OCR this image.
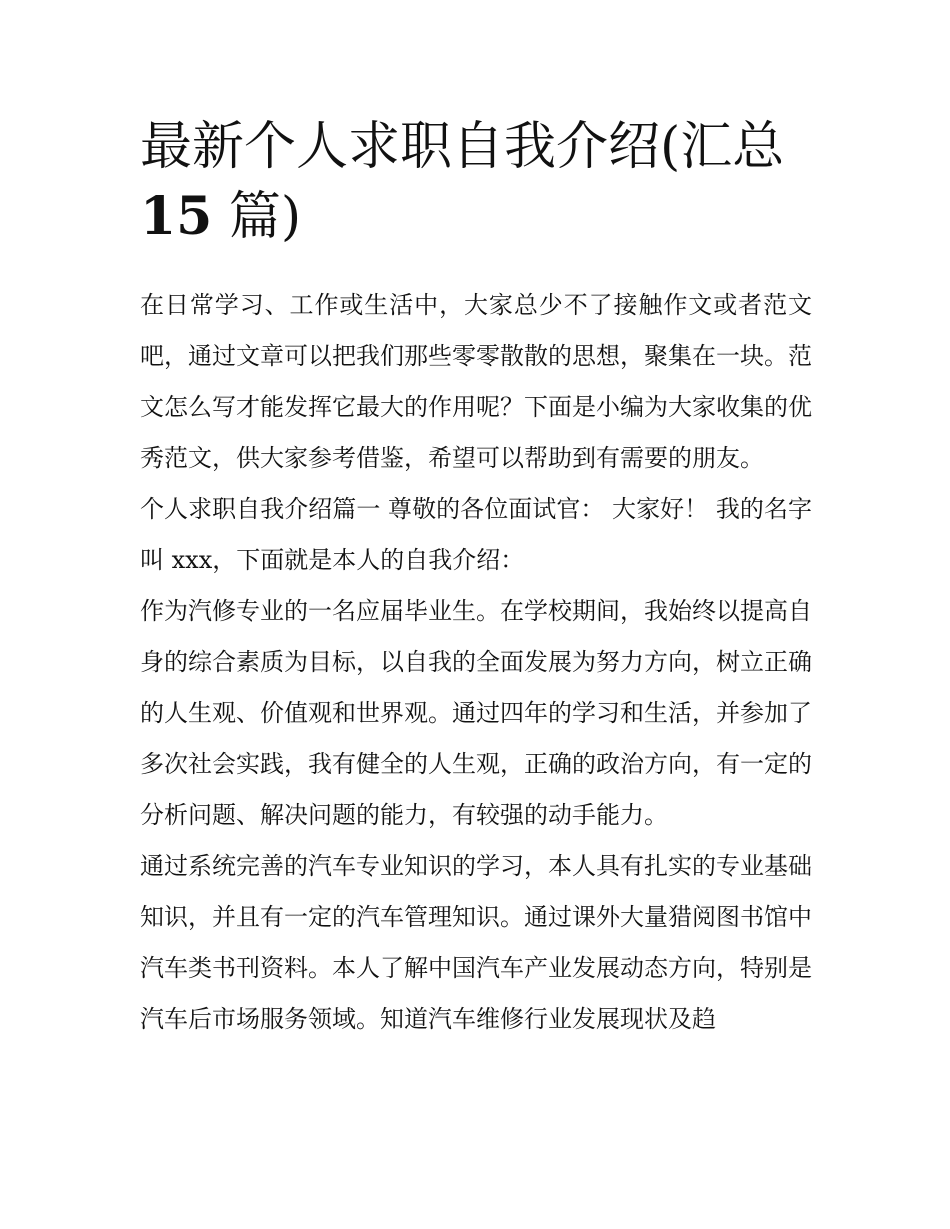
最新个人求职自我介绍(汇总
15 篇)

在日常学习、工作或生活中，大家总少不了接触作文或者范文吧，通过文章可以把我们那些零零散散的思想，聚集在一块。范文怎么写才能发挥它最大的作用呢？下面是小编为大家收集的优秀范文，供大家参考借鉴，希望可以帮助到有需要的朋友。

个人求职自我介绍篇一 尊敬的各位面试官： 大家好！ 我的名字叫 xxx，下面就是本人的自我介绍：

作为汽修专业的一名应届毕业生。在学校期间，我始终以提高自身的综合素质为目标，以自我的全面发展为努力方向，树立正确的人生观、价值观和世界观。通过四年的学习和生活，并参加了多次社会实践，我有健全的人生观，正确的政治方向，有一定的分析问题、解决问题的能力，有较强的动手能力。

通过系统完善的汽车专业知识的学习，本人具有扎实的专业基础知识，并且有一定的汽车管理知识。通过课外大量猎阅图书馆中汽车类书刊资料。本人了解中国汽车产业发展动态方向，特别是汽车后市场服务领域。知道汽车维修行业发展现状及趋
